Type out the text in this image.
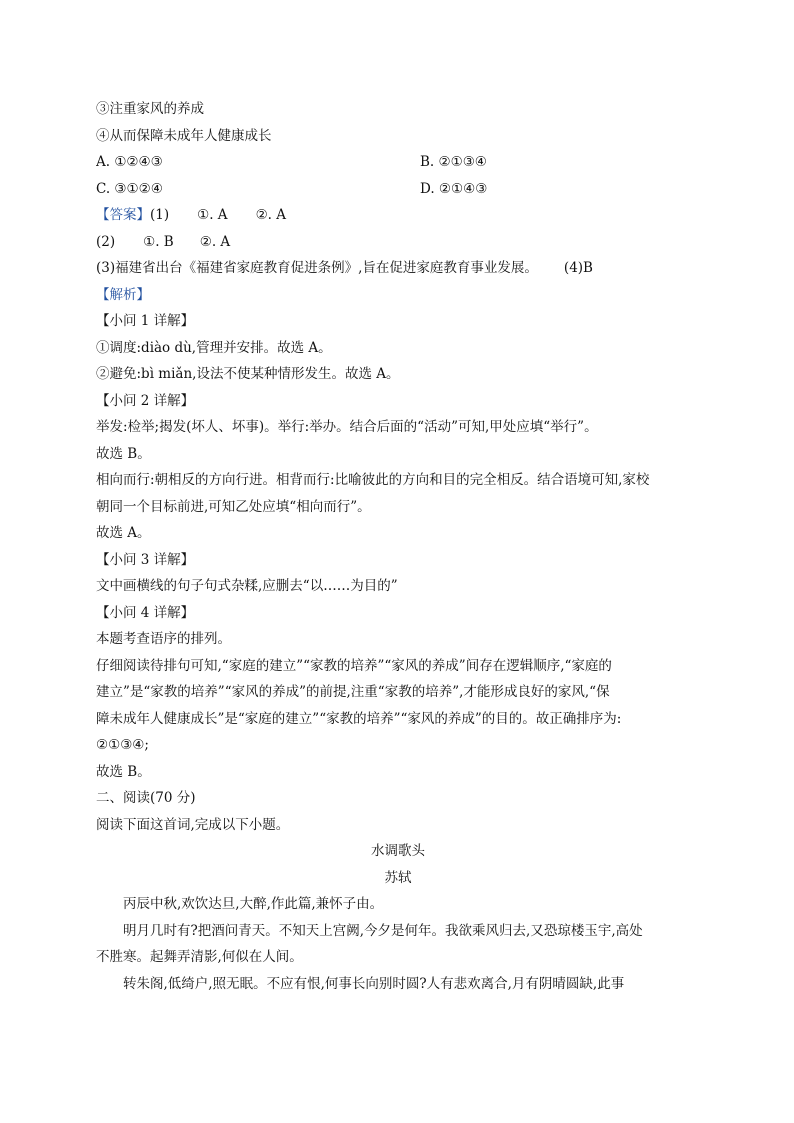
③注重家风的养成
④从而保障未成年人健康成长
A. ①②④③	B. ②①③④
C. ③①②④	D. ②①④③
【答案】(1) ①. A ②. A
(2) ①. B ②. A
(3)福建省出台《福建省家庭教育促进条例》,旨在促进家庭教育事业发展。 (4)B
【解析】
【小问 1 详解】
①调度:diào dù,管理并安排。故选 A。
②避免:bì miǎn,设法不使某种情形发生。故选 A。
【小问 2 详解】
举发:检举;揭发(坏人、坏事)。举行:举办。结合后面的“活动”可知,甲处应填“举行”。
故选 B。
相向而行:朝相反的方向行进。相背而行:比喻彼此的方向和目的完全相反。结合语境可知,家校
朝同一个目标前进,可知乙处应填“相向而行”。
故选 A。
【小问 3 详解】
文中画横线的句子句式杂糅,应删去“以……为目的”
【小问 4 详解】
本题考查语序的排列。
仔细阅读待排句可知,“家庭的建立”“家教的培养”“家风的养成”间存在逻辑顺序,“家庭的
建立”是“家教的培养”“家风的养成”的前提,注重“家教的培养”,才能形成良好的家风,“保
障未成年人健康成长”是“家庭的建立”“家教的培养”“家风的养成”的目的。故正确排序为:
②①③④;
故选 B。
二、阅读(70 分)
阅读下面这首词,完成以下小题。
水调歌头
苏轼
丙辰中秋,欢饮达旦,大醉,作此篇,兼怀子由。
明月几时有?把酒问青天。不知天上宫阙,今夕是何年。我欲乘风归去,又恐琼楼玉宇,高处
不胜寒。起舞弄清影,何似在人间。
转朱阁,低绮户,照无眠。不应有恨,何事长向别时圆?人有悲欢离合,月有阴晴圆缺,此事
